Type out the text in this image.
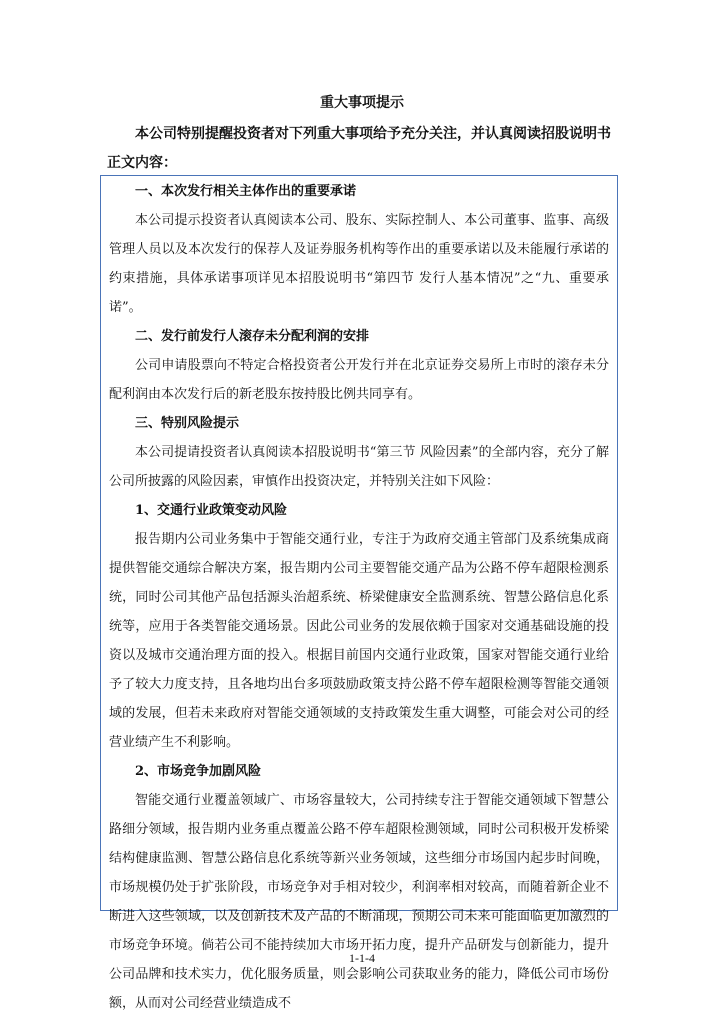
重大事项提示
本公司特别提醒投资者对下列重大事项给予充分关注，并认真阅读招股说明书正文内容：

一、本次发行相关主体作出的重要承诺

本公司提示投资者认真阅读本公司、股东、实际控制人、本公司董事、监事、高级管理人员以及本次发行的保荐人及证券服务机构等作出的重要承诺以及未能履行承诺的约束措施，具体承诺事项详见本招股说明书“第四节 发行人基本情况”之“九、重要承诺”。

二、发行前发行人滚存未分配利润的安排

公司申请股票向不特定合格投资者公开发行并在北京证券交易所上市时的滚存未分配利润由本次发行后的新老股东按持股比例共同享有。

三、特别风险提示

本公司提请投资者认真阅读本招股说明书“第三节 风险因素”的全部内容，充分了解公司所披露的风险因素，审慎作出投资决定，并特别关注如下风险：

1、交通行业政策变动风险

报告期内公司业务集中于智能交通行业，专注于为政府交通主管部门及系统集成商提供智能交通综合解决方案，报告期内公司主要智能交通产品为公路不停车超限检测系统，同时公司其他产品包括源头治超系统、桥梁健康安全监测系统、智慧公路信息化系统等，应用于各类智能交通场景。因此公司业务的发展依赖于国家对交通基础设施的投资以及城市交通治理方面的投入。根据目前国内交通行业政策，国家对智能交通行业给予了较大力度支持，且各地均出台多项鼓励政策支持公路不停车超限检测等智能交通领域的发展，但若未来政府对智能交通领域的支持政策发生重大调整，可能会对公司的经营业绩产生不利影响。

2、市场竞争加剧风险

智能交通行业覆盖领域广、市场容量较大，公司持续专注于智能交通领域下智慧公路细分领域，报告期内业务重点覆盖公路不停车超限检测领域，同时公司积极开发桥梁结构健康监测、智慧公路信息化系统等新兴业务领域，这些细分市场国内起步时间晚，市场规模仍处于扩张阶段，市场竞争对手相对较少，利润率相对较高，而随着新企业不断进入这些领域，以及创新技术及产品的不断涌现，预期公司未来可能面临更加激烈的市场竞争环境。倘若公司不能持续加大市场开拓力度，提升产品研发与创新能力，提升公司品牌和技术实力，优化服务质量，则会影响公司获取业务的能力，降低公司市场份额，从而对公司经营业绩造成不

1-1-4
